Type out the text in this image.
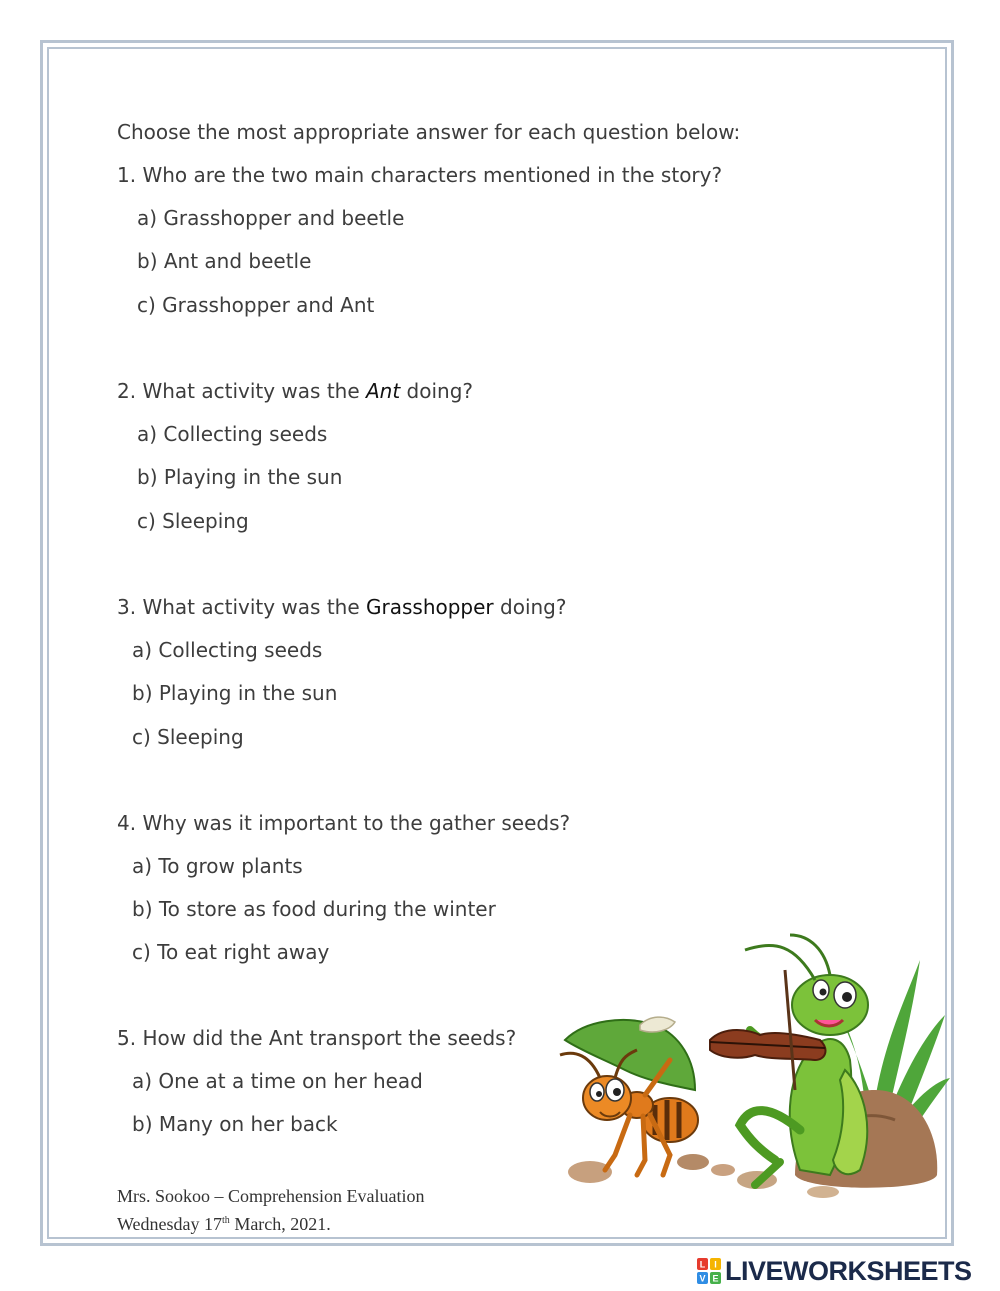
Choose the most appropriate answer for each question below:
1. Who are the two main characters mentioned in the story?
a) Grasshopper and beetle
b) Ant and beetle
c) Grasshopper and Ant
2. What activity was the Ant doing?
a) Collecting seeds
b) Playing in the sun
c) Sleeping
3. What activity was the Grasshopper doing?
a) Collecting seeds
b) Playing in the sun
c) Sleeping
4. Why was it important to the gather seeds?
a) To grow plants
b) To store as food during the winter
c) To eat right away
5. How did the Ant transport the seeds?
a) One at a time on her head
b) Many on her back
Mrs. Sookoo – Comprehension Evaluation
Wednesday 17th March, 2021.
L I
V E LIVEWORKSHEETS
